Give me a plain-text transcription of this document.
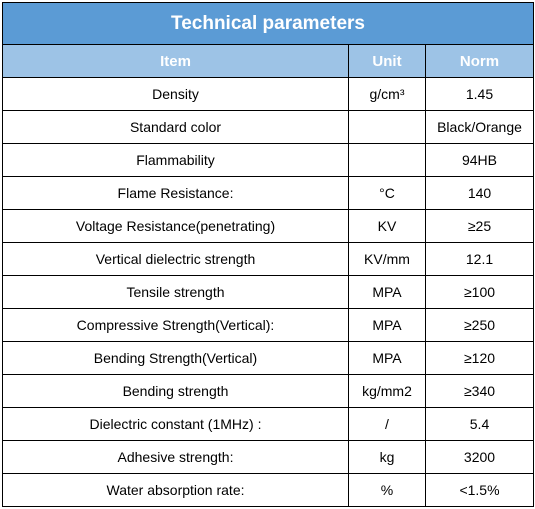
Technical parameters		
Item	Unit	Norm
Density	g/cm³	1.45
Standard color		Black/Orange
Flammability		94HB
Flame Resistance:	°C	140
Voltage Resistance(penetrating)	KV	≥25
Vertical dielectric strength	KV/mm	12.1
Tensile strength	MPA	≥100
Compressive Strength(Vertical):	MPA	≥250
Bending Strength(Vertical)	MPA	≥120
Bending strength	kg/mm2	≥340
Dielectric constant (1MHz) :	/	5.4
Adhesive strength:	kg	3200
Water absorption rate:	%	<1.5%
